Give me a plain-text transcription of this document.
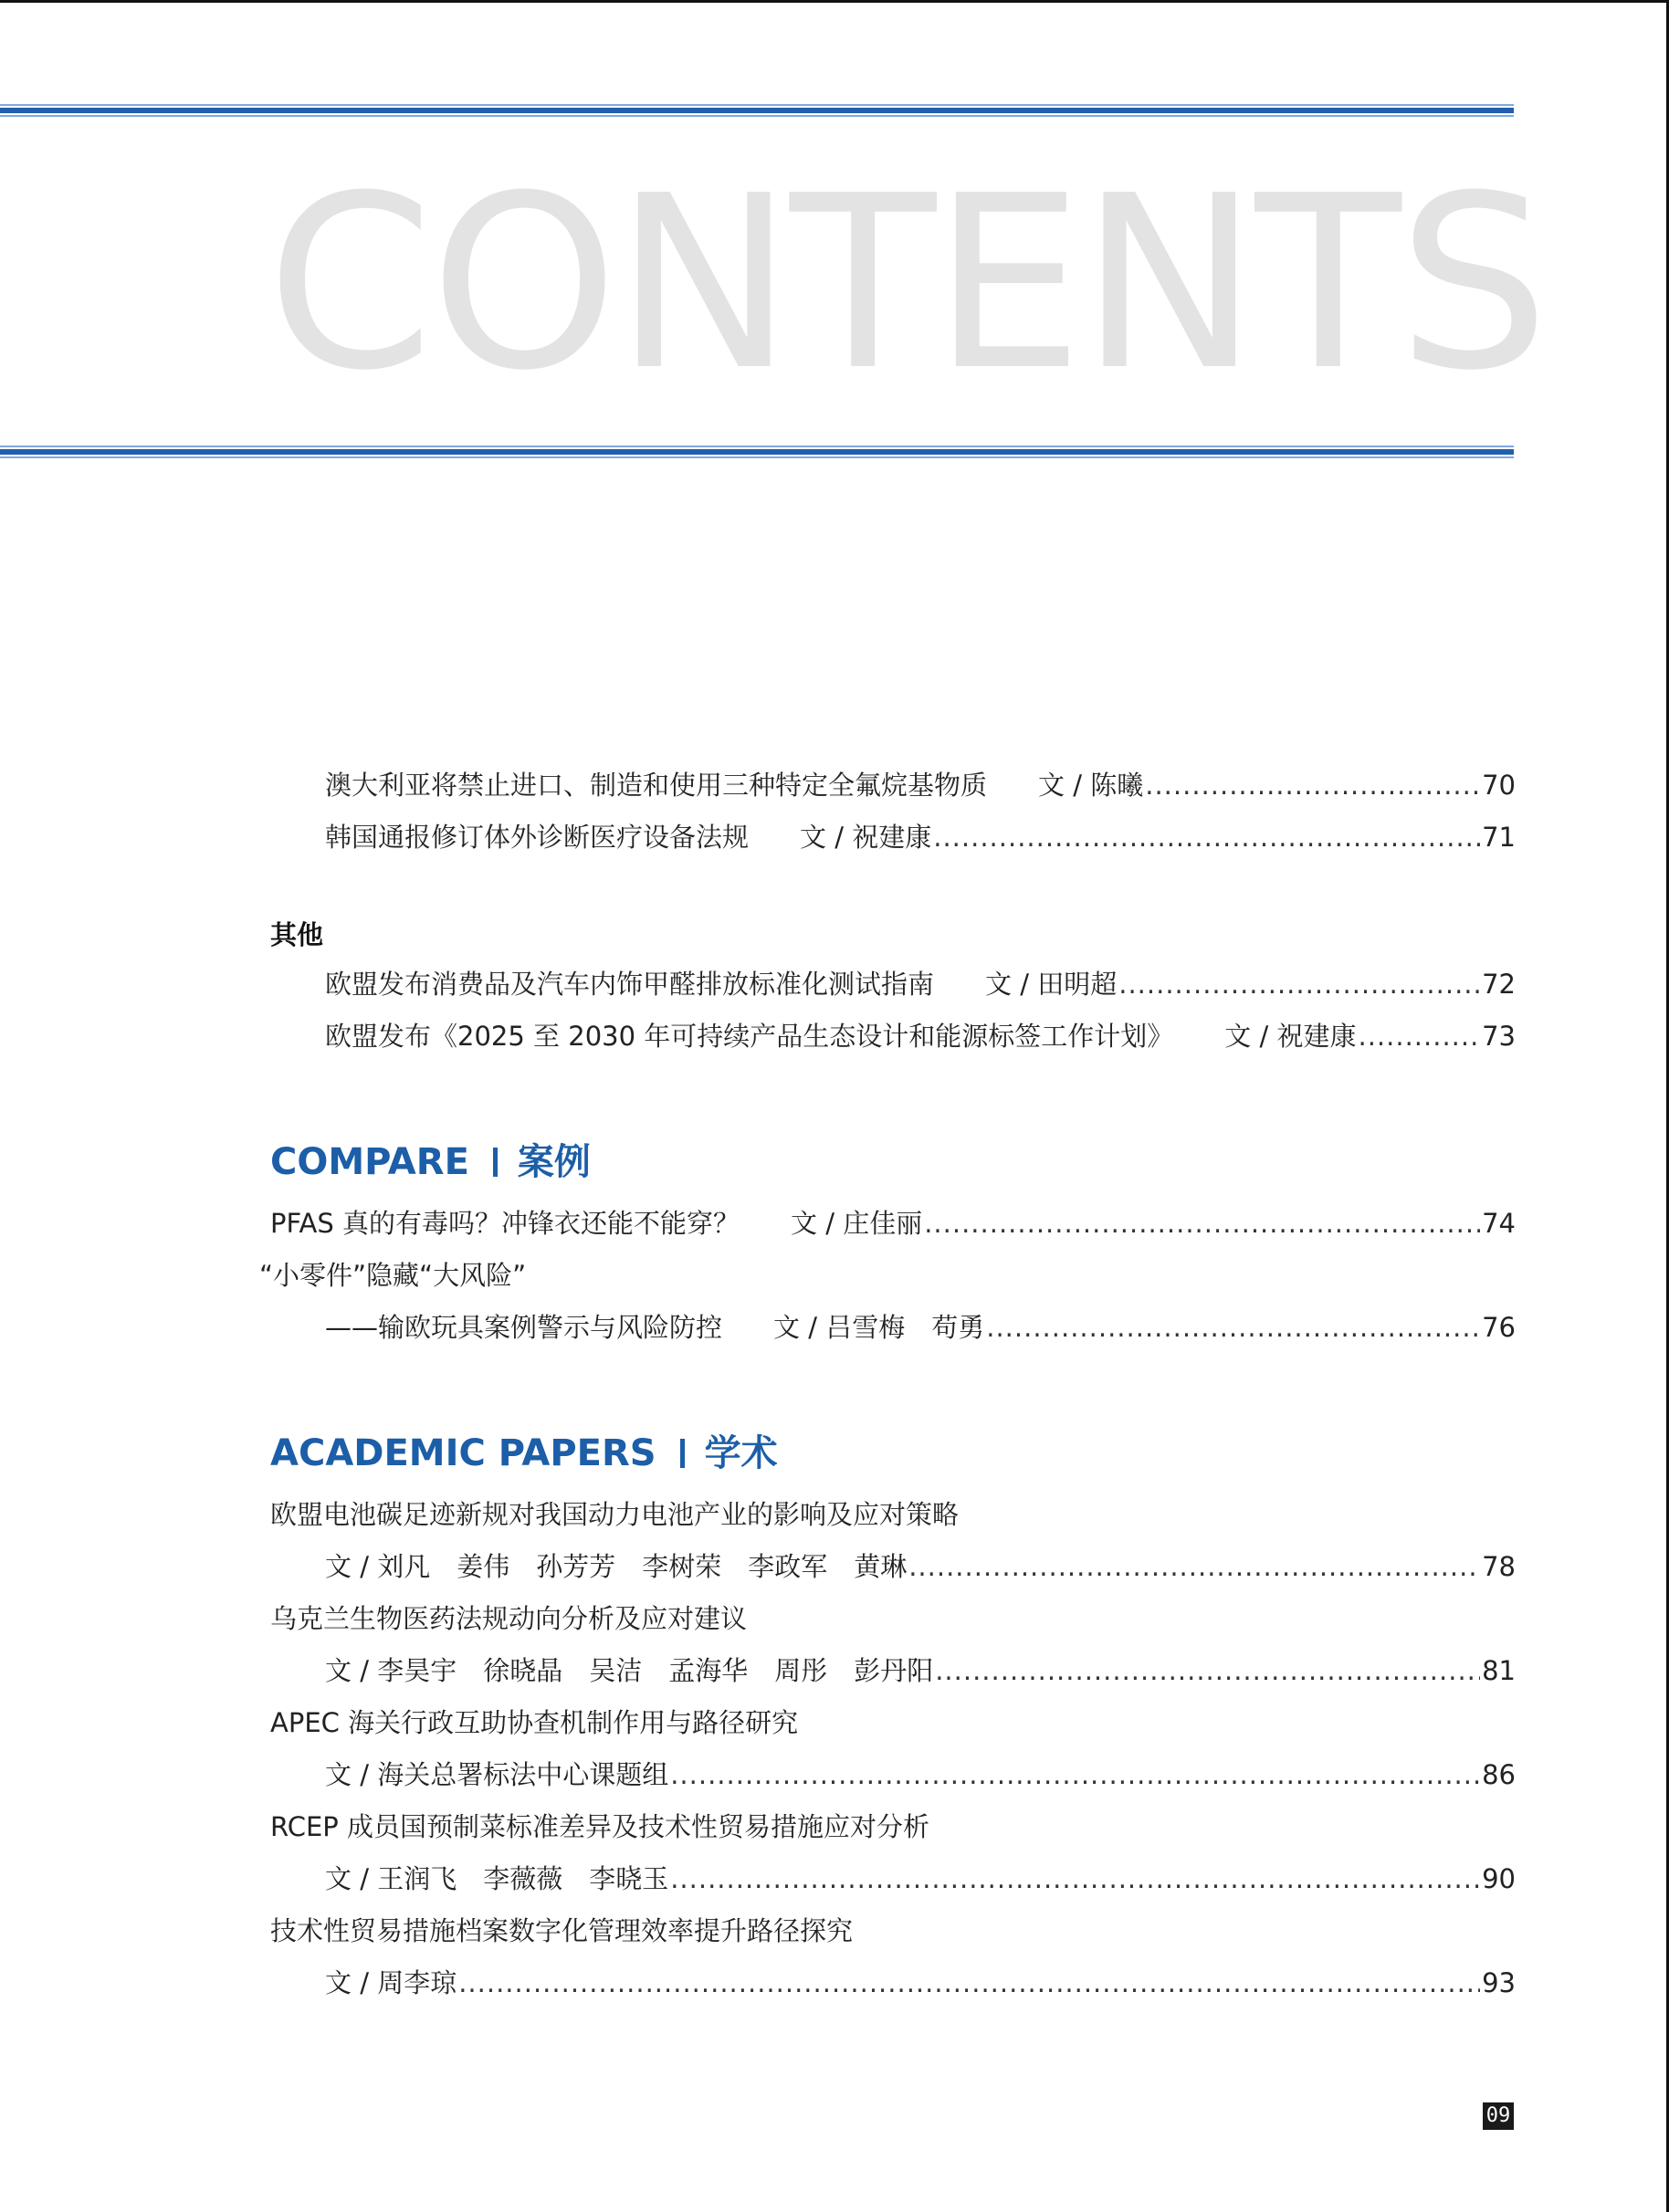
CONTENTS
澳大利亚将禁止进口、制造和使用三种特定全氟烷基物质 文 / 陈曦 .....	70
韩国通报修订体外诊断医疗设备法规 文 / 祝建康 .....	71
其他
欧盟发布消费品及汽车内饰甲醛排放标准化测试指南 文 / 田明超 .....	72
欧盟发布《2025 至 2030 年可持续产品生态设计和能源标签工作计划》 文 / 祝建康 .....	73
COMPARE 案例
PFAS 真的有毒吗？冲锋衣还能不能穿？ 文 / 庄佳丽 .....	74
“小零件”隐藏“大风险”
——输欧玩具案例警示与风险防控 文 / 吕雪梅　苟勇 .....	76
ACADEMIC PAPERS 学术
欧盟电池碳足迹新规对我国动力电池产业的影响及应对策略
文 / 刘凡　姜伟　孙芳芳　李树荣　李政军　黄琳 .....	78
乌克兰生物医药法规动向分析及应对建议
文 / 李昊宇　徐晓晶　吴洁　孟海华　周彤　彭丹阳 .....	81
APEC 海关行政互助协查机制作用与路径研究
文 / 海关总署标法中心课题组 .....	86
RCEP 成员国预制菜标准差异及技术性贸易措施应对分析
文 / 王润飞　李薇薇　李晓玉 .....	90
技术性贸易措施档案数字化管理效率提升路径探究
文 / 周李琼 .....	93
09
